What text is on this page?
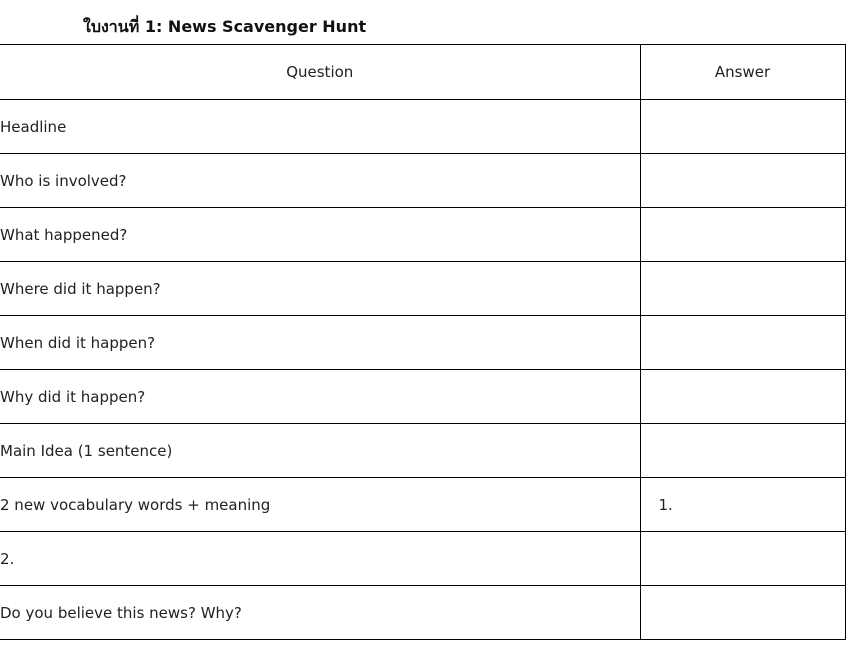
ใบงานที่ 1: News Scavenger Hunt
Question	Answer
Headline	
Who is involved?	
What happened?	
Where did it happen?	
When did it happen?	
Why did it happen?	
Main Idea (1 sentence)	
2 new vocabulary words + meaning	1.
2.	
Do you believe this news? Why?	
